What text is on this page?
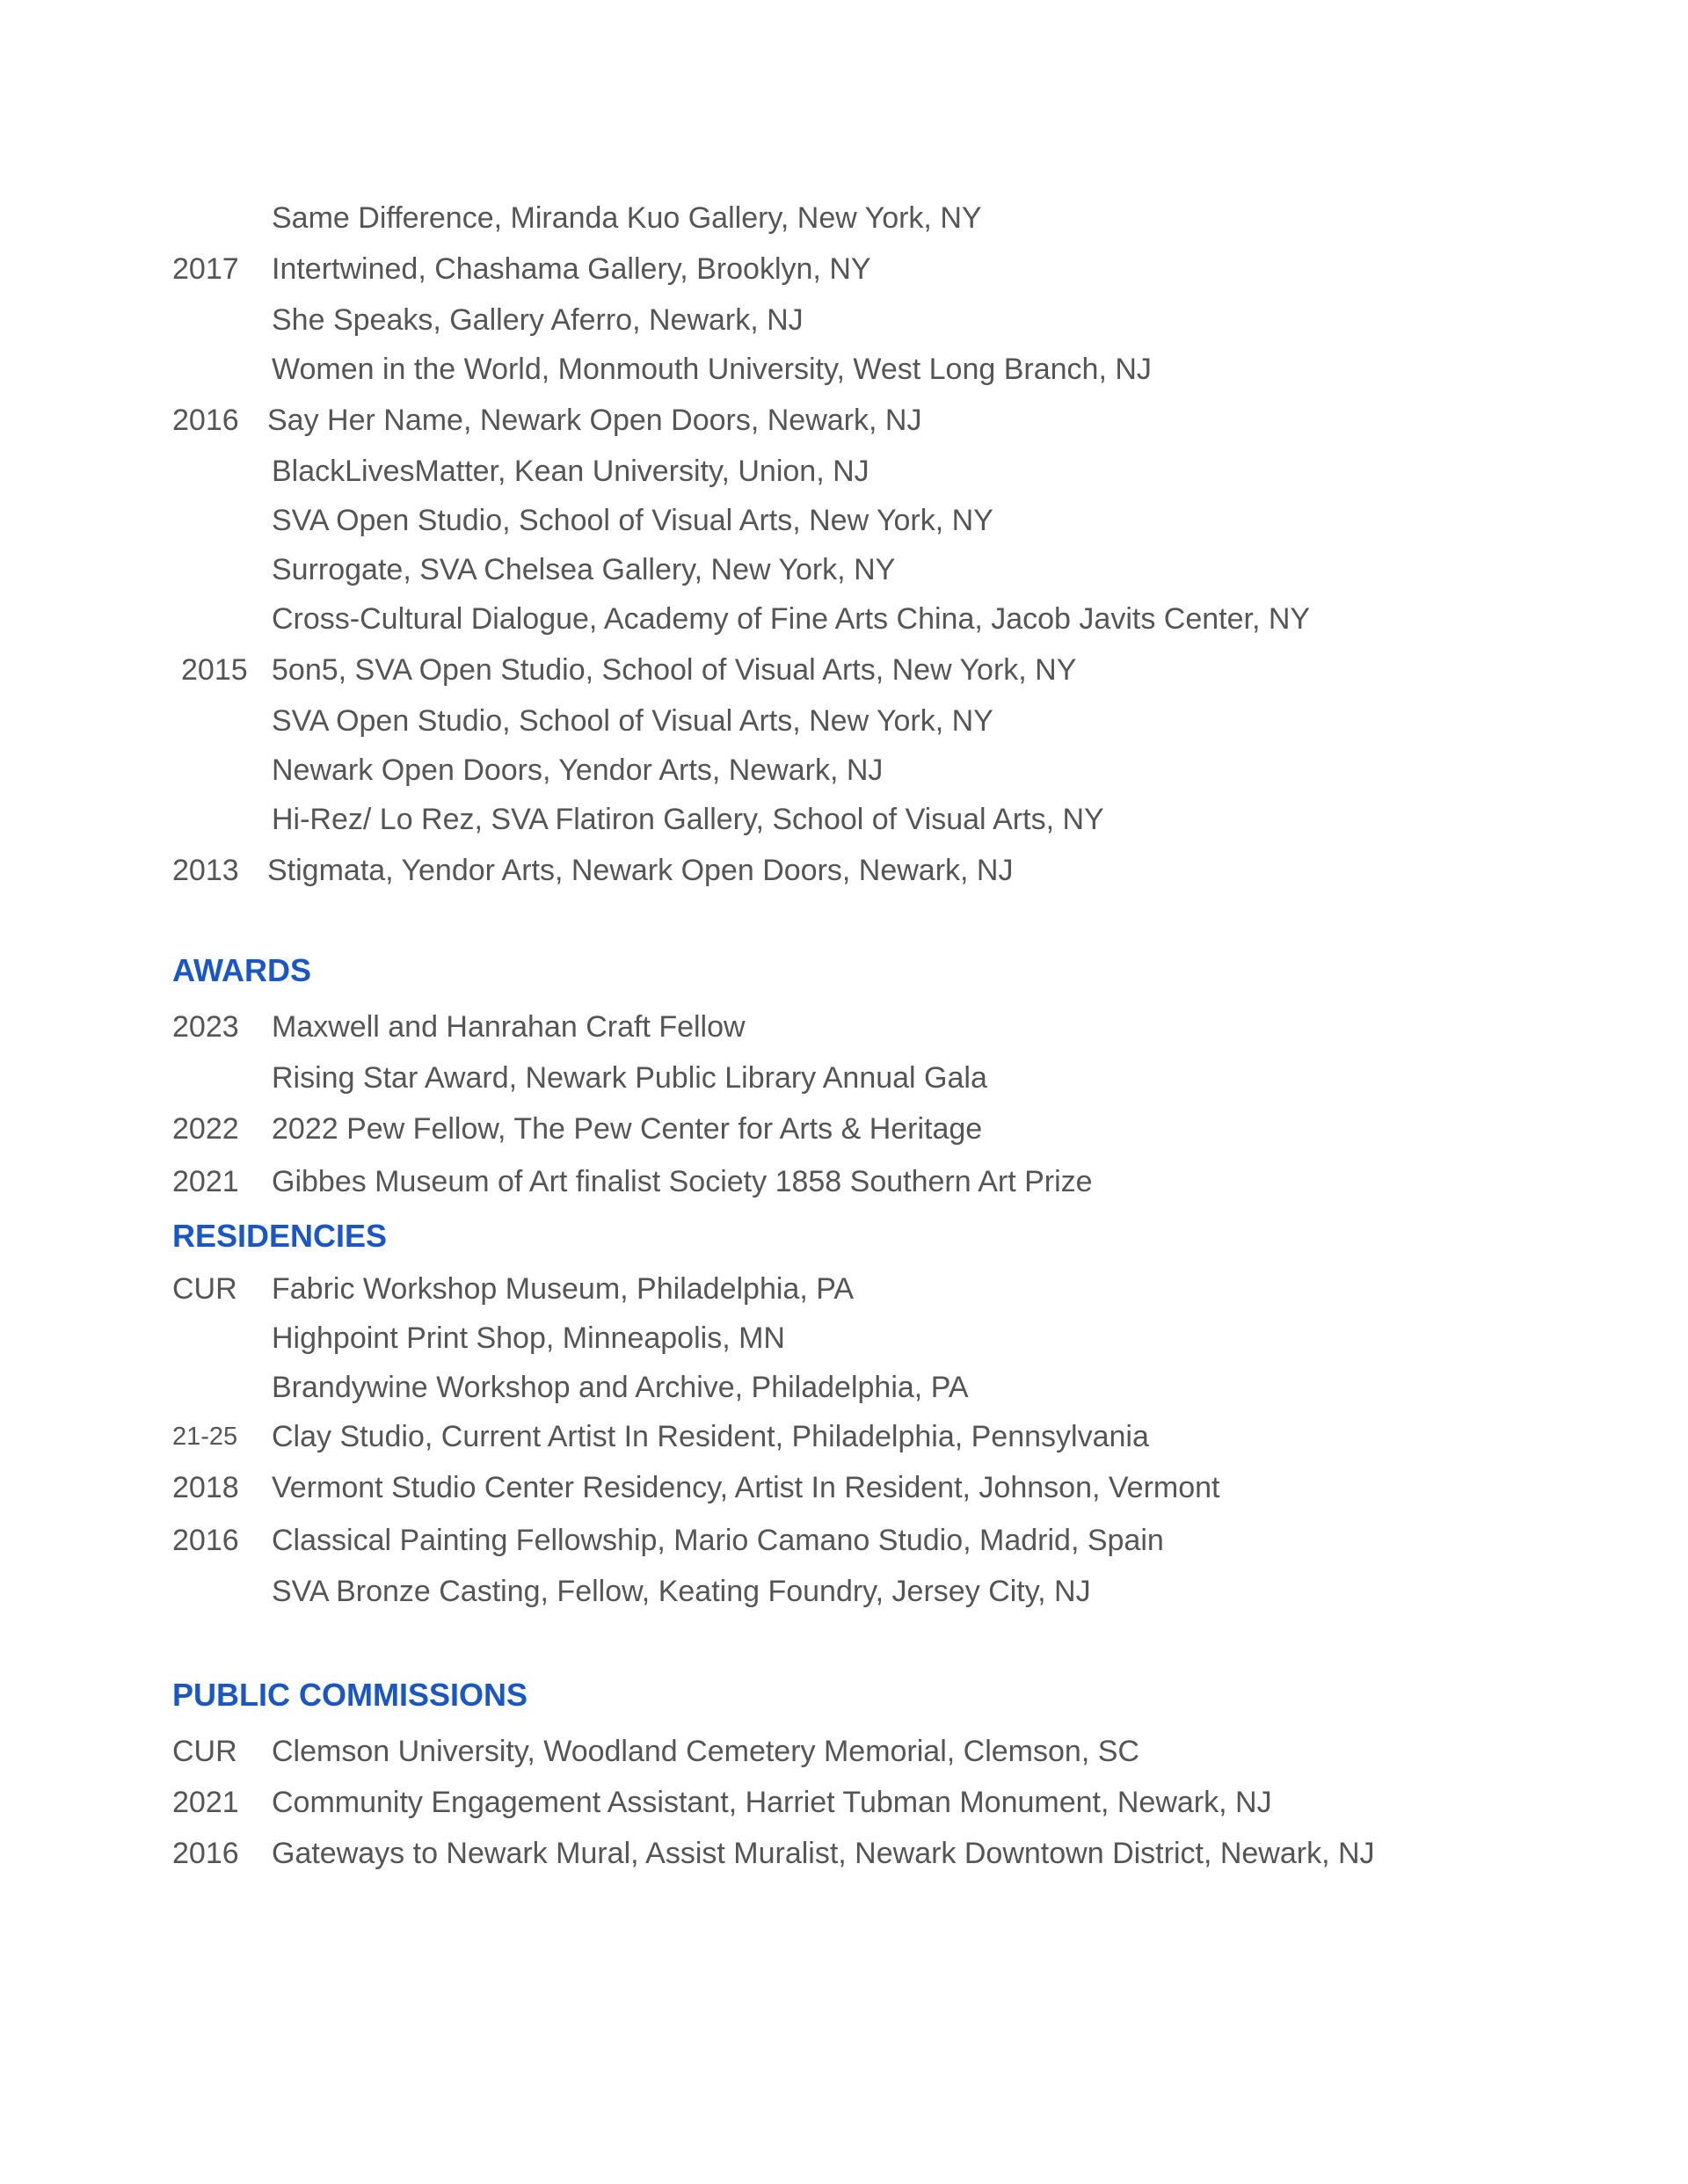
Same Difference, Miranda Kuo Gallery, New York, NY
2017 Intertwined, Chashama Gallery, Brooklyn, NY
She Speaks, Gallery Aferro, Newark, NJ
Women in the World, Monmouth University, West Long Branch, NJ
2016 Say Her Name, Newark Open Doors, Newark, NJ
BlackLivesMatter, Kean University, Union, NJ
SVA Open Studio, School of Visual Arts, New York, NY
Surrogate, SVA Chelsea Gallery, New York, NY
Cross-Cultural Dialogue, Academy of Fine Arts China, Jacob Javits Center, NY
2015 5on5, SVA Open Studio, School of Visual Arts, New York, NY
SVA Open Studio, School of Visual Arts, New York, NY
Newark Open Doors, Yendor Arts, Newark, NJ
Hi-Rez/ Lo Rez, SVA Flatiron Gallery, School of Visual Arts, NY
2013 Stigmata, Yendor Arts, Newark Open Doors, Newark, NJ
AWARDS
2023 Maxwell and Hanrahan Craft Fellow
Rising Star Award, Newark Public Library Annual Gala
2022 2022 Pew Fellow, The Pew Center for Arts & Heritage
2021 Gibbes Museum of Art finalist Society 1858 Southern Art Prize
RESIDENCIES
CUR Fabric Workshop Museum, Philadelphia, PA
Highpoint Print Shop, Minneapolis, MN
Brandywine Workshop and Archive, Philadelphia, PA
21-25 Clay Studio, Current Artist In Resident, Philadelphia, Pennsylvania
2018 Vermont Studio Center Residency, Artist In Resident, Johnson, Vermont
2016 Classical Painting Fellowship, Mario Camano Studio, Madrid, Spain
SVA Bronze Casting, Fellow, Keating Foundry, Jersey City, NJ
PUBLIC COMMISSIONS
CUR Clemson University, Woodland Cemetery Memorial, Clemson, SC
2021 Community Engagement Assistant, Harriet Tubman Monument, Newark, NJ
2016 Gateways to Newark Mural, Assist Muralist, Newark Downtown District, Newark, NJ
